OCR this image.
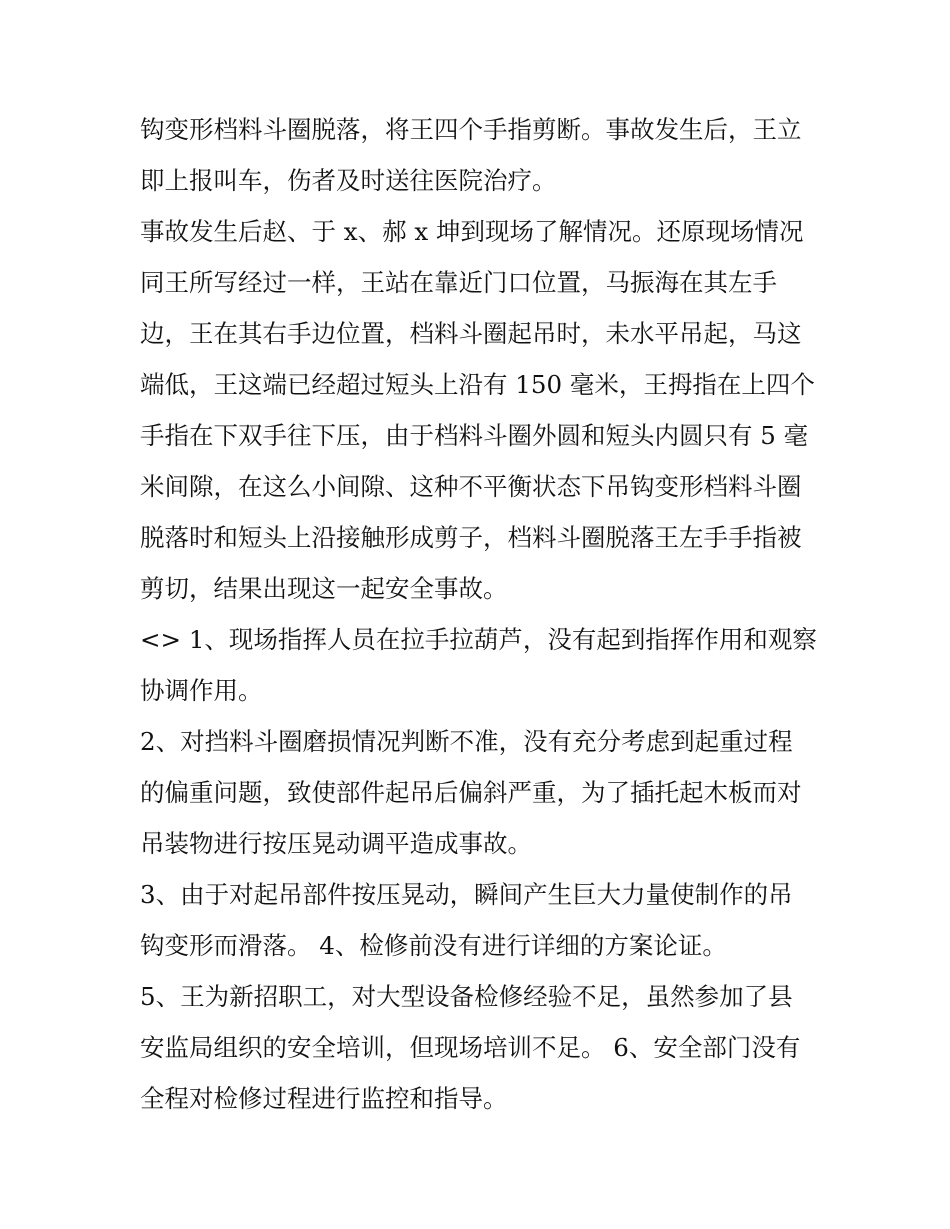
钩变形档料斗圈脱落，将王四个手指剪断。事故发生后，王立
即上报叫车，伤者及时送往医院治疗。
事故发生后赵、于 x、郝 x 坤到现场了解情况。还原现场情况
同王所写经过一样，王站在靠近门口位置，马振海在其左手
边，王在其右手边位置，档料斗圈起吊时，未水平吊起，马这
端低，王这端已经超过短头上沿有 150 毫米，王拇指在上四个
手指在下双手往下压，由于档料斗圈外圆和短头内圆只有 5 毫
米间隙，在这么小间隙、这种不平衡状态下吊钩变形档料斗圈
脱落时和短头上沿接触形成剪子，档料斗圈脱落王左手手指被
剪切，结果出现这一起安全事故。
<> 1、现场指挥人员在拉手拉葫芦，没有起到指挥作用和观察
协调作用。
2、对挡料斗圈磨损情况判断不准，没有充分考虑到起重过程
的偏重问题，致使部件起吊后偏斜严重，为了插托起木板而对
吊装物进行按压晃动调平造成事故。
3、由于对起吊部件按压晃动，瞬间产生巨大力量使制作的吊
钩变形而滑落。 4、检修前没有进行详细的方案论证。
5、王为新招职工，对大型设备检修经验不足，虽然参加了县
安监局组织的安全培训，但现场培训不足。 6、安全部门没有
全程对检修过程进行监控和指导。
